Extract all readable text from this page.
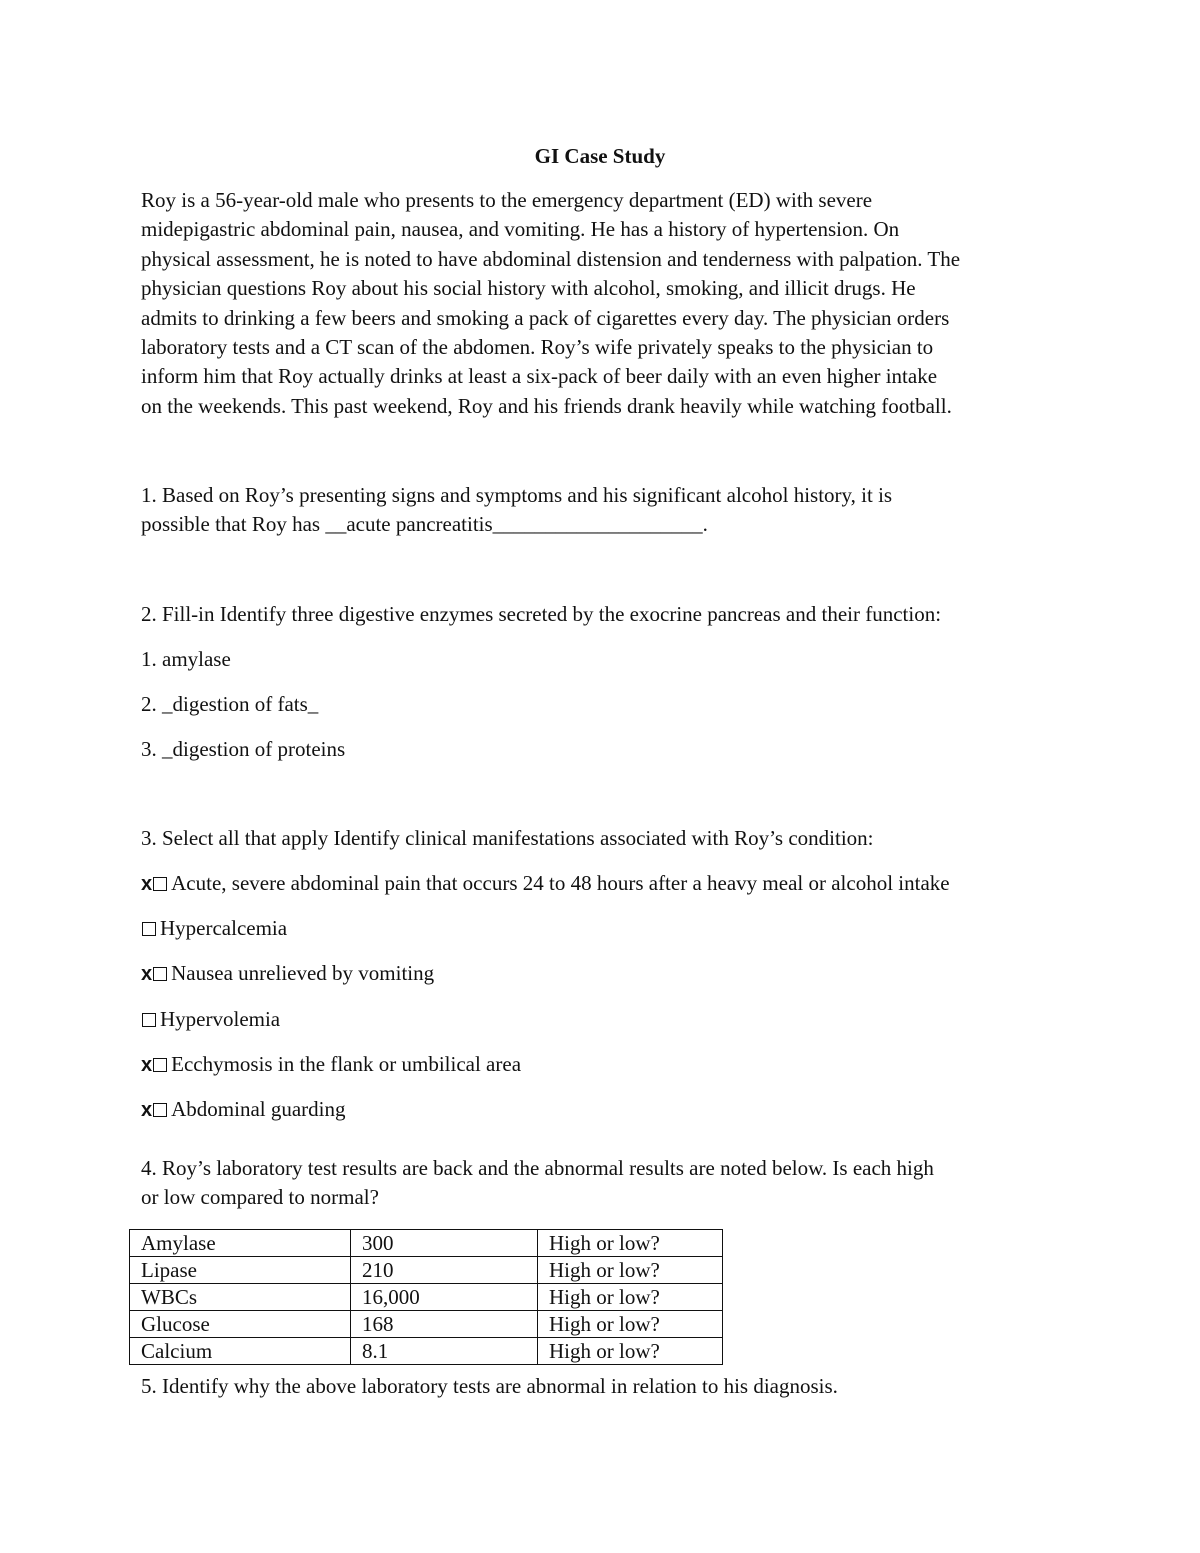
GI Case Study

Roy is a 56-year-old male who presents to the emergency department (ED) with severe

midepigastric abdominal pain, nausea, and vomiting. He has a history of hypertension. On

physical assessment, he is noted to have abdominal distension and tenderness with palpation. The

physician questions Roy about his social history with alcohol, smoking, and illicit drugs. He

admits to drinking a few beers and smoking a pack of cigarettes every day. The physician orders

laboratory tests and a CT scan of the abdomen. Roy’s wife privately speaks to the physician to

inform him that Roy actually drinks at least a six-pack of beer daily with an even higher intake

on the weekends. This past weekend, Roy and his friends drank heavily while watching football.

1. Based on Roy’s presenting signs and symptoms and his significant alcohol history, it is

possible that Roy has __acute pancreatitis____________________.

2. Fill-in Identify three digestive enzymes secreted by the exocrine pancreas and their function:
1. amylase
2. _digestion of fats_
3. _digestion of proteins
3. Select all that apply Identify clinical manifestations associated with Roy’s condition:
x Acute, severe abdominal pain that occurs 24 to 48 hours after a heavy meal or alcohol intake
Hypercalcemia
x Nausea unrelieved by vomiting
Hypervolemia
x Ecchymosis in the flank or umbilical area
x Abdominal guarding

4. Roy’s laboratory test results are back and the abnormal results are noted below. Is each high

or low compared to normal?

Amylase	300	High or low?
Lipase	210	High or low?
WBCs	16,000	High or low?
Glucose	168	High or low?
Calcium	8.1	High or low?
5. Identify why the above laboratory tests are abnormal in relation to his diagnosis.
